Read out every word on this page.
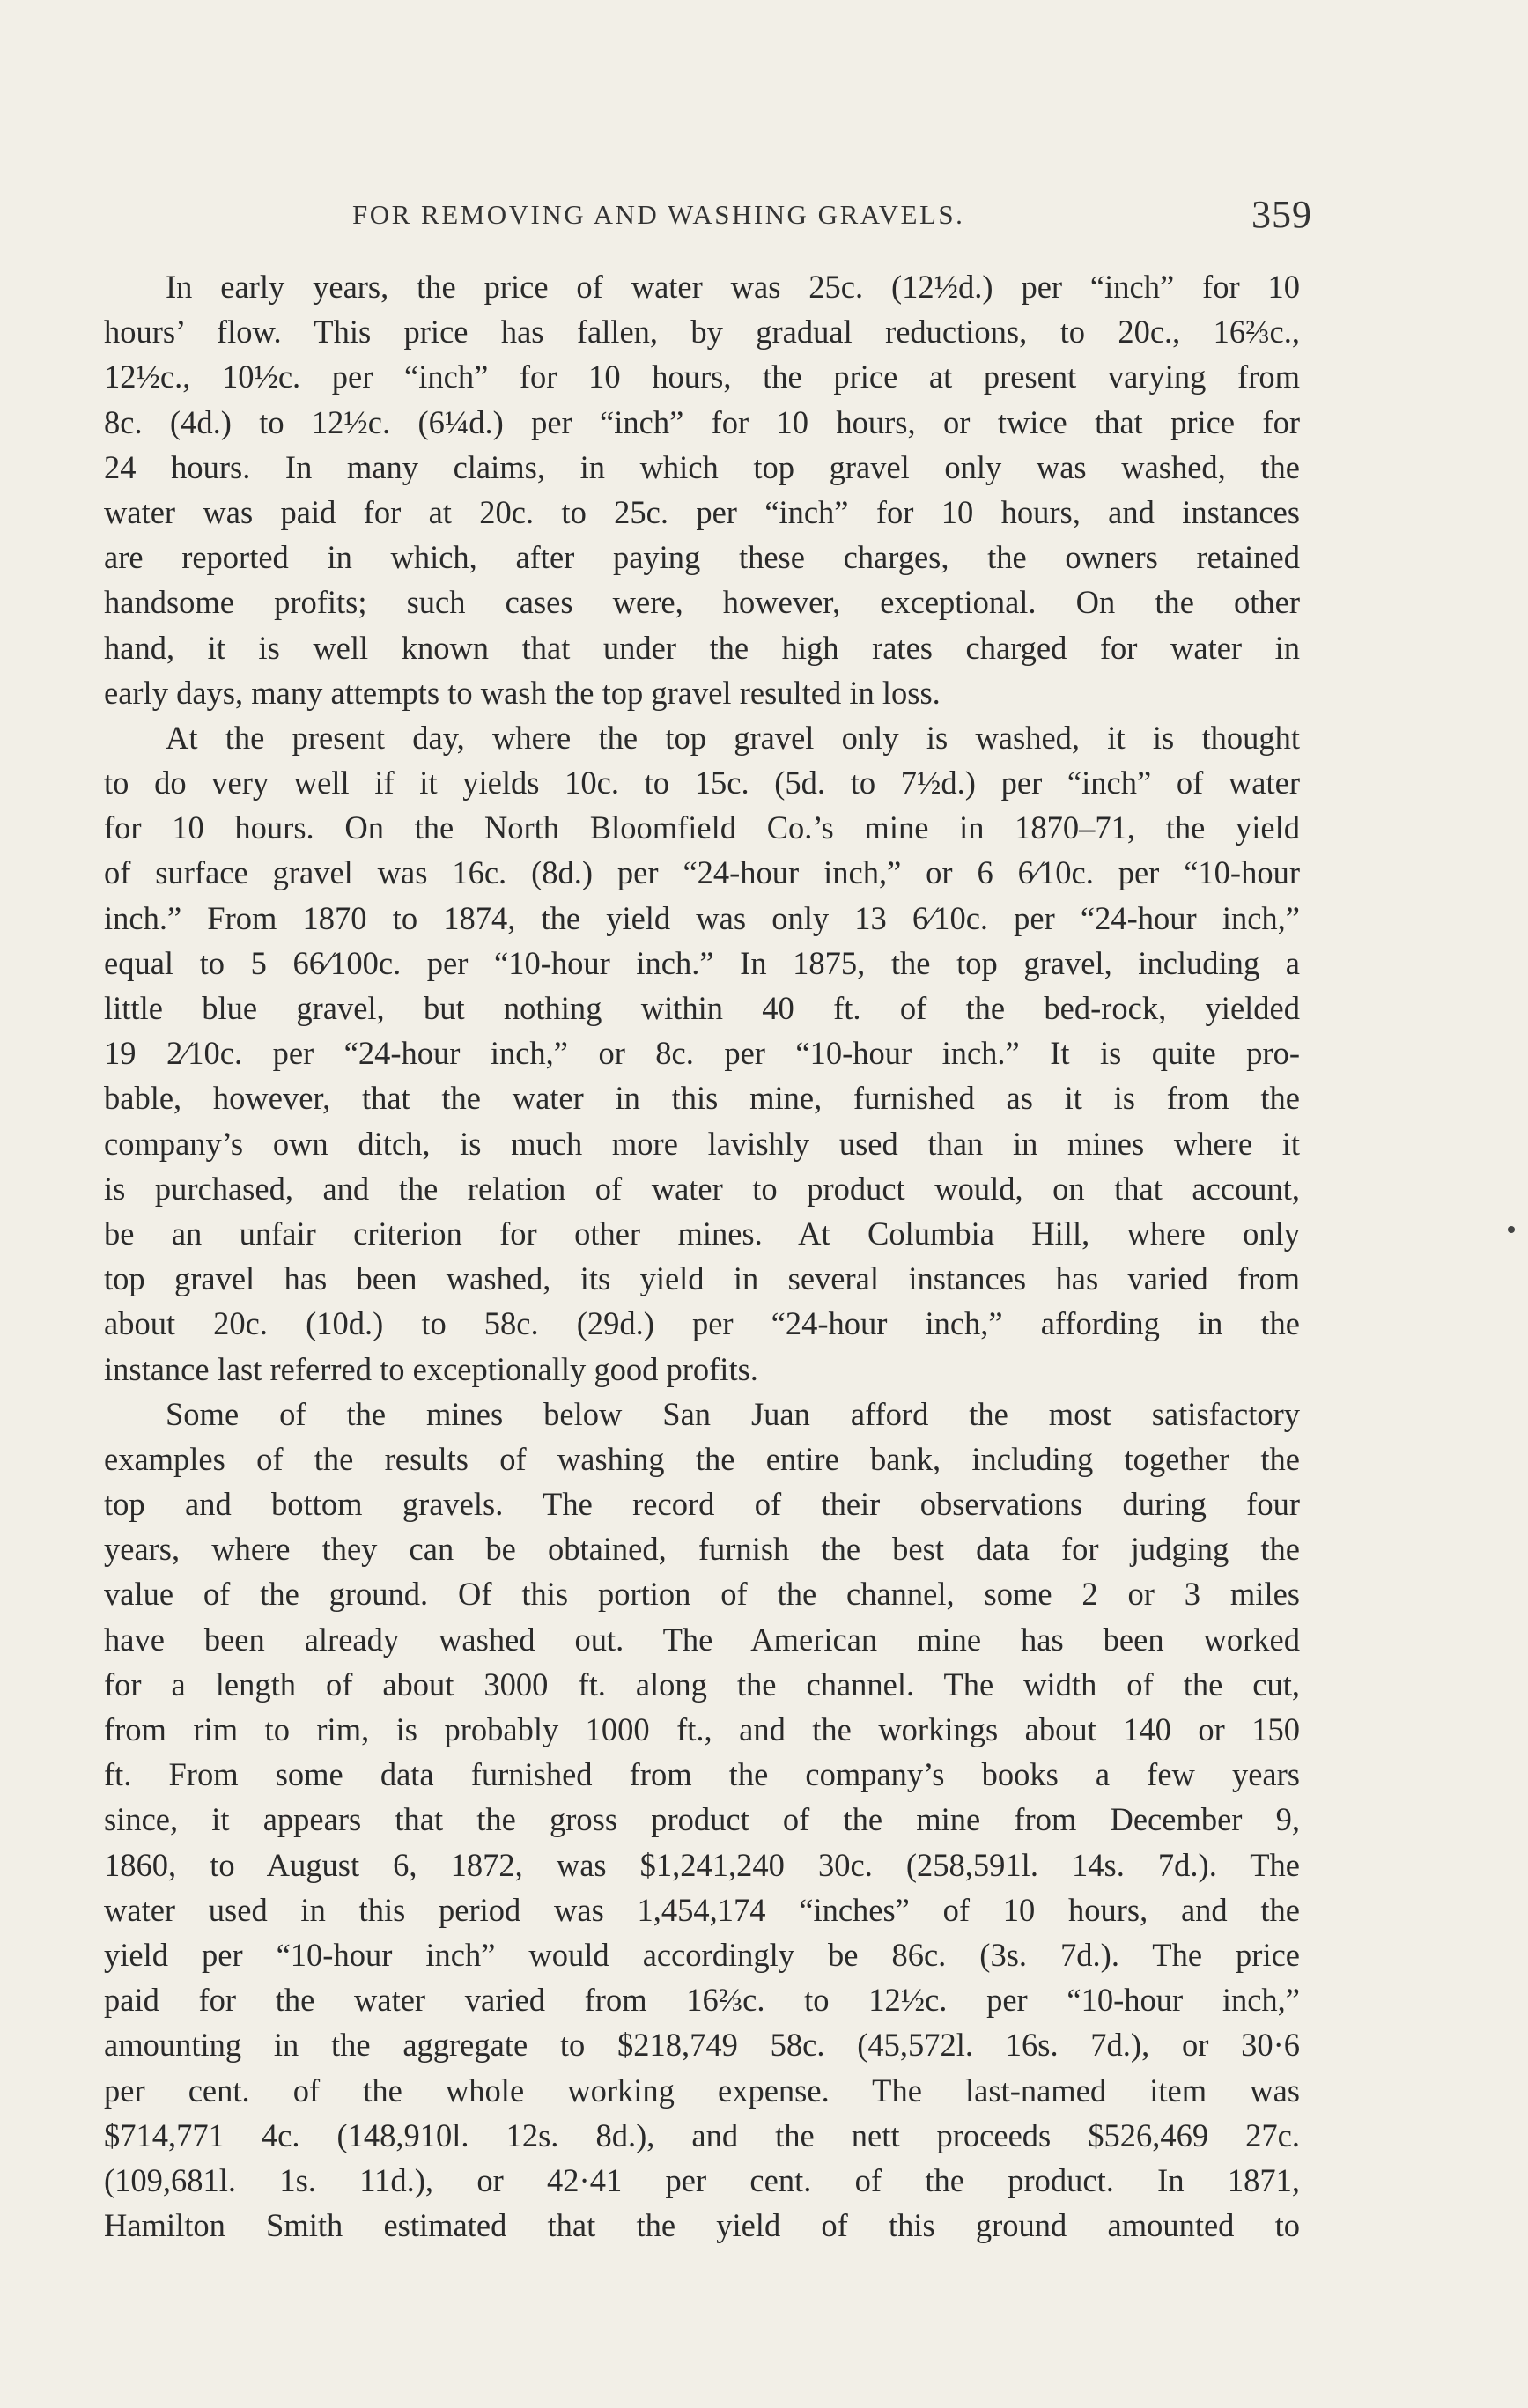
FOR REMOVING AND WASHING GRAVELS.	359
In early years, the price of water was 25c. (12½d.) per “inch” for 10
hours’ flow. This price has fallen, by gradual reductions, to 20c., 16⅔c.,
12½c., 10½c. per “inch” for 10 hours, the price at present varying from
8c. (4d.) to 12½c. (6¼d.) per “inch” for 10 hours, or twice that price for
24 hours. In many claims, in which top gravel only was washed, the
water was paid for at 20c. to 25c. per “inch” for 10 hours, and instances
are reported in which, after paying these charges, the owners retained
handsome profits; such cases were, however, exceptional. On the other
hand, it is well known that under the high rates charged for water in
early days, many attempts to wash the top gravel resulted in loss.
At the present day, where the top gravel only is washed, it is thought
to do very well if it yields 10c. to 15c. (5d. to 7½d.) per “inch” of water
for 10 hours. On the North Bloomfield Co.’s mine in 1870–71, the yield
of surface gravel was 16c. (8d.) per “24-hour inch,” or 6 6⁄10c. per “10-hour
inch.” From 1870 to 1874, the yield was only 13 6⁄10c. per “24-hour inch,”
equal to 5 66⁄100c. per “10-hour inch.” In 1875, the top gravel, including a
little blue gravel, but nothing within 40 ft. of the bed-rock, yielded
19 2⁄10c. per “24-hour inch,” or 8c. per “10-hour inch.” It is quite pro-
bable, however, that the water in this mine, furnished as it is from the
company’s own ditch, is much more lavishly used than in mines where it
is purchased, and the relation of water to product would, on that account,
be an unfair criterion for other mines. At Columbia Hill, where only
top gravel has been washed, its yield in several instances has varied from
about 20c. (10d.) to 58c. (29d.) per “24-hour inch,” affording in the
instance last referred to exceptionally good profits.
Some of the mines below San Juan afford the most satisfactory
examples of the results of washing the entire bank, including together the
top and bottom gravels. The record of their observations during four
years, where they can be obtained, furnish the best data for judging the
value of the ground. Of this portion of the channel, some 2 or 3 miles
have been already washed out. The American mine has been worked
for a length of about 3000 ft. along the channel. The width of the cut,
from rim to rim, is probably 1000 ft., and the workings about 140 or 150
ft. From some data furnished from the company’s books a few years
since, it appears that the gross product of the mine from December 9,
1860, to August 6, 1872, was $1,241,240 30c. (258,591l. 14s. 7d.). The
water used in this period was 1,454,174 “inches” of 10 hours, and the
yield per “10-hour inch” would accordingly be 86c. (3s. 7d.). The price
paid for the water varied from 16⅔c. to 12½c. per “10-hour inch,”
amounting in the aggregate to $218,749 58c. (45,572l. 16s. 7d.), or 30·6
per cent. of the whole working expense. The last-named item was
$714,771 4c. (148,910l. 12s. 8d.), and the nett proceeds $526,469 27c.
(109,681l. 1s. 11d.), or 42·41 per cent. of the product. In 1871,
Hamilton Smith estimated that the yield of this ground amounted to
